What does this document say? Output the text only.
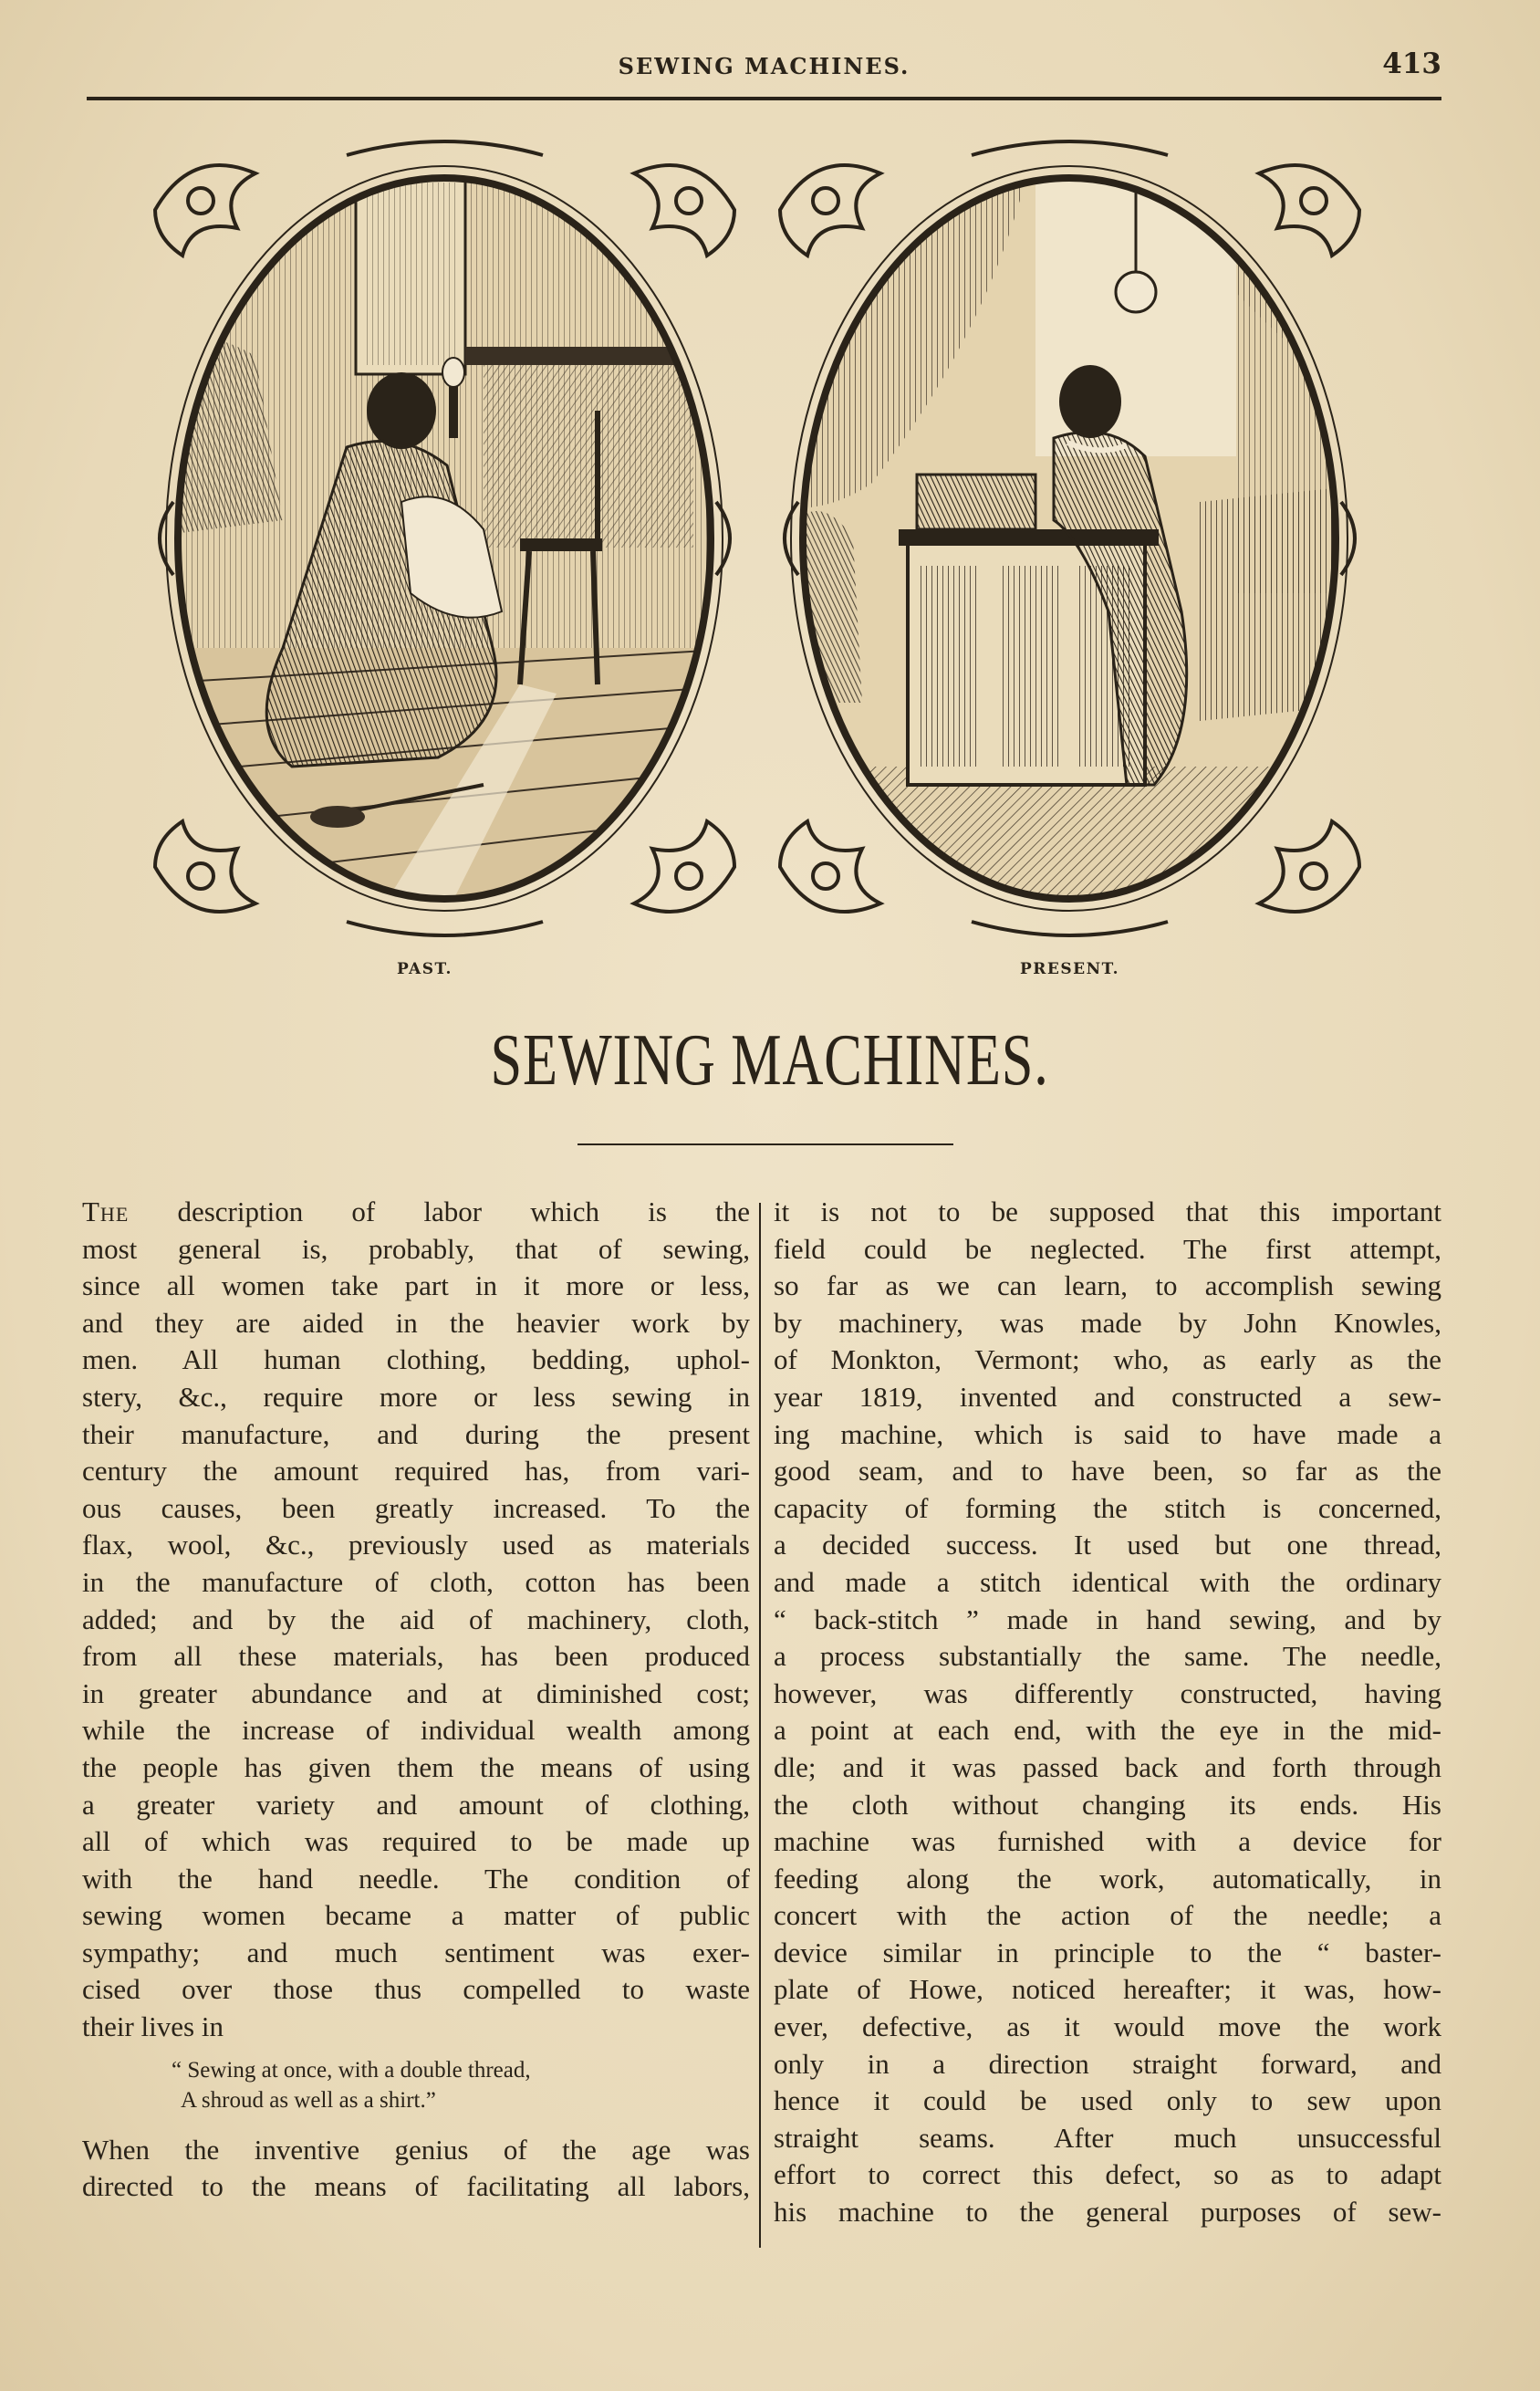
SEWING MACHINES.	413
PAST.	PRESENT.
SEWING MACHINES.
The description of labor which is the
most general is, probably, that of sewing,
since all women take part in it more or less,
and they are aided in the heavier work by
men. All human clothing, bedding, uphol-
stery, &c., require more or less sewing in
their manufacture, and during the present
century the amount required has, from vari-
ous causes, been greatly increased. To the
flax, wool, &c., previously used as materials
in the manufacture of cloth, cotton has been
added; and by the aid of machinery, cloth,
from all these materials, has been produced
in greater abundance and at diminished cost;
while the increase of individual wealth among
the people has given them the means of using
a greater variety and amount of clothing,
all of which was required to be made up
with the hand needle. The condition of
sewing women became a matter of public
sympathy; and much sentiment was exer-
cised over those thus compelled to waste
their lives in
“ Sewing at once, with a double thread,
A shroud as well as a shirt.”
When the inventive genius of the age was
directed to the means of facilitating all labors,
it is not to be supposed that this important
field could be neglected. The first attempt,
so far as we can learn, to accomplish sewing
by machinery, was made by John Knowles,
of Monkton, Vermont; who, as early as the
year 1819, invented and constructed a sew-
ing machine, which is said to have made a
good seam, and to have been, so far as the
capacity of forming the stitch is concerned,
a decided success. It used but one thread,
and made a stitch identical with the ordinary
“ back-stitch ” made in hand sewing, and by
a process substantially the same. The needle,
however, was differently constructed, having
a point at each end, with the eye in the mid-
dle; and it was passed back and forth through
the cloth without changing its ends. His
machine was furnished with a device for
feeding along the work, automatically, in
concert with the action of the needle; a
device similar in principle to the “ baster-
plate of Howe, noticed hereafter; it was, how-
ever, defective, as it would move the work
only in a direction straight forward, and
hence it could be used only to sew upon
straight seams. After much unsuccessful
effort to correct this defect, so as to adapt
his machine to the general purposes of sew-
